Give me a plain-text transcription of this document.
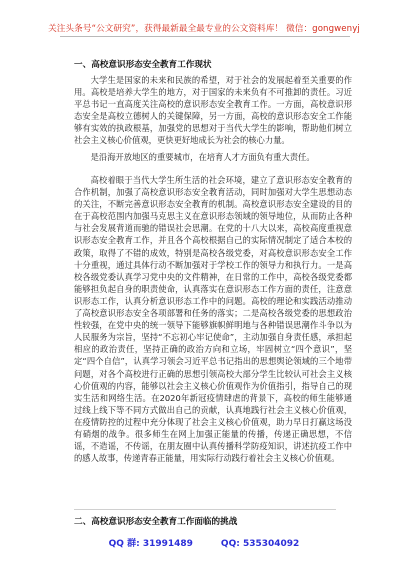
关注头条号“公文研究”，获得最新最全最专业的公文资料库！ 微信：gongwenyj
一、高校意识形态安全教育工作现状

大学生是国家的未来和民族的希望，对于社会的发展起着至关重要的作用。高校是培养大学生的地方，对于国家的未来负有不可推卸的责任。习近平总书记一直高度关注高校的意识形态安全教育工作。一方面，高校意识形态安全是高校立德树人的关键保障，另一方面，高校的意识形态安全工作能够有实效的执政根基，加强党的思想对于当代大学生的影响，帮助他们树立社会主义核心价值观，更快更好地成长为社会的核心力量。

是沿海开放地区的重要城市，在培育人才方面负有重大责任。

高校着眼于当代大学生所生活的社会环境，建立了意识形态安全教育的合作机制，加强了高校意识形态安全教育活动，同时加强对大学生思想动态的关注，不断完善意识形态安全教育的机制。高校意识形态安全建设的目的在于高校范围内加强马克思主义在意识形态领域的领导地位，从而防止各种与社会发展背道而驰的错误社会思潮。在党的十八大以来，高校高度重视意识形态安全教育工作，并且各个高校根据自己的实际情况制定了适合本校的政策，取得了不错的成效，特别是高校各级党委，对高校意识形态安全工作十分重视，通过具体行动不断加强对于学校工作的领导力和执行力。一是高校各级党委认真学习党中央的文件精神，在日常的工作中，高校各级党委都能够担负起自身的职责使命，认真落实在意识形态工作方面的责任，注意意识形态工作，认真分析意识形态工作中的问题。高校的理论和实践活动推动了高校意识形态安全各项部署和任务的落实；二是高校各级党委的思想政治性较强，在党中央的统一领导下能够旗帜鲜明地与各种错误思潮作斗争以为人民服务为宗旨，坚持“不忘初心牢记使命”，主动加强自身责任感，承担起相应的政治责任，坚持正确的政治方向和立场，牢固树立“四个意识”，坚定“四个自信”，认真学习领会习近平总书记指出的思想舆论领域的三个地带问题，对各个高校进行正确的思想引领高校大部分学生比较认可社会主义核心价值观的内容，能够以社会主义核心价值观作为价值指引，指导自己的现实生活和网络生活。在2020年新冠疫情肆虐的背景下，高校的师生能够通过线上线下等不同方式做出自己的贡献，认真地践行社会主义核心价值观，在疫情防控的过程中充分体现了社会主义核心价值观，助力早日打赢这场没有硝烟的战争。很多师生在网上加强正能量的传播，传递正确思想，不信谣，不造谣，不传谣，在朋友圈中认真传播科学防疫知识，讲述抗疫工作中的感人故事，传递青春正能量，用实际行动践行着社会主义核心价值观。

二、高校意识形态安全教育工作面临的挑战
QQ 群: 31991489	QQ: 535304092
